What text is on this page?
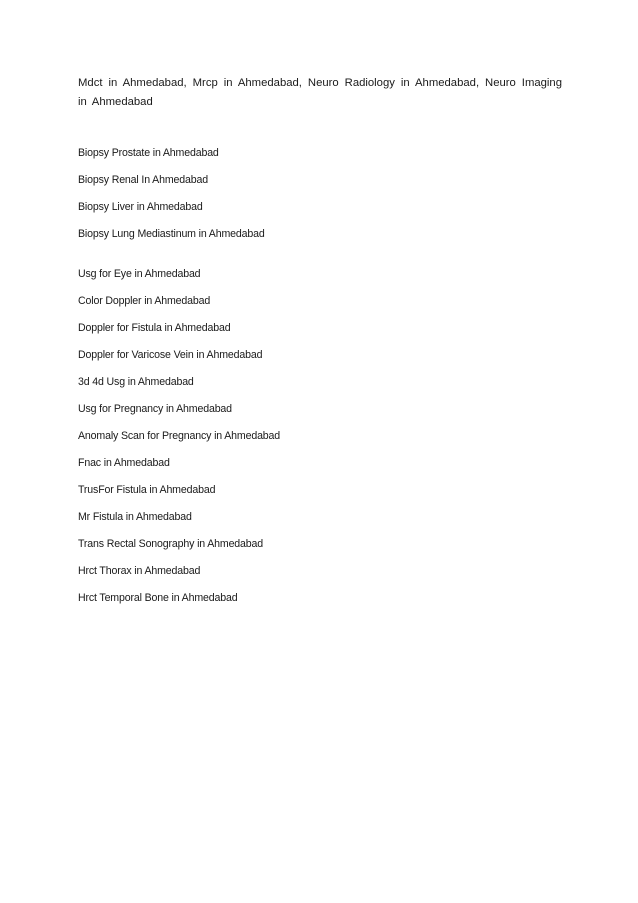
Mdct in Ahmedabad, Mrcp in Ahmedabad, Neuro Radiology in Ahmedabad, Neuro Imaging in Ahmedabad

Biopsy Prostate in Ahmedabad
Biopsy Renal In Ahmedabad
Biopsy Liver in Ahmedabad
Biopsy Lung Mediastinum in Ahmedabad
Usg for Eye in Ahmedabad
Color Doppler in Ahmedabad
Doppler for Fistula in Ahmedabad
Doppler for Varicose Vein in Ahmedabad
3d 4d Usg in Ahmedabad
Usg for Pregnancy in Ahmedabad
Anomaly Scan for Pregnancy in Ahmedabad
Fnac in Ahmedabad
TrusFor Fistula in Ahmedabad
Mr Fistula in Ahmedabad
Trans Rectal Sonography in Ahmedabad
Hrct Thorax in Ahmedabad
Hrct Temporal Bone in Ahmedabad
